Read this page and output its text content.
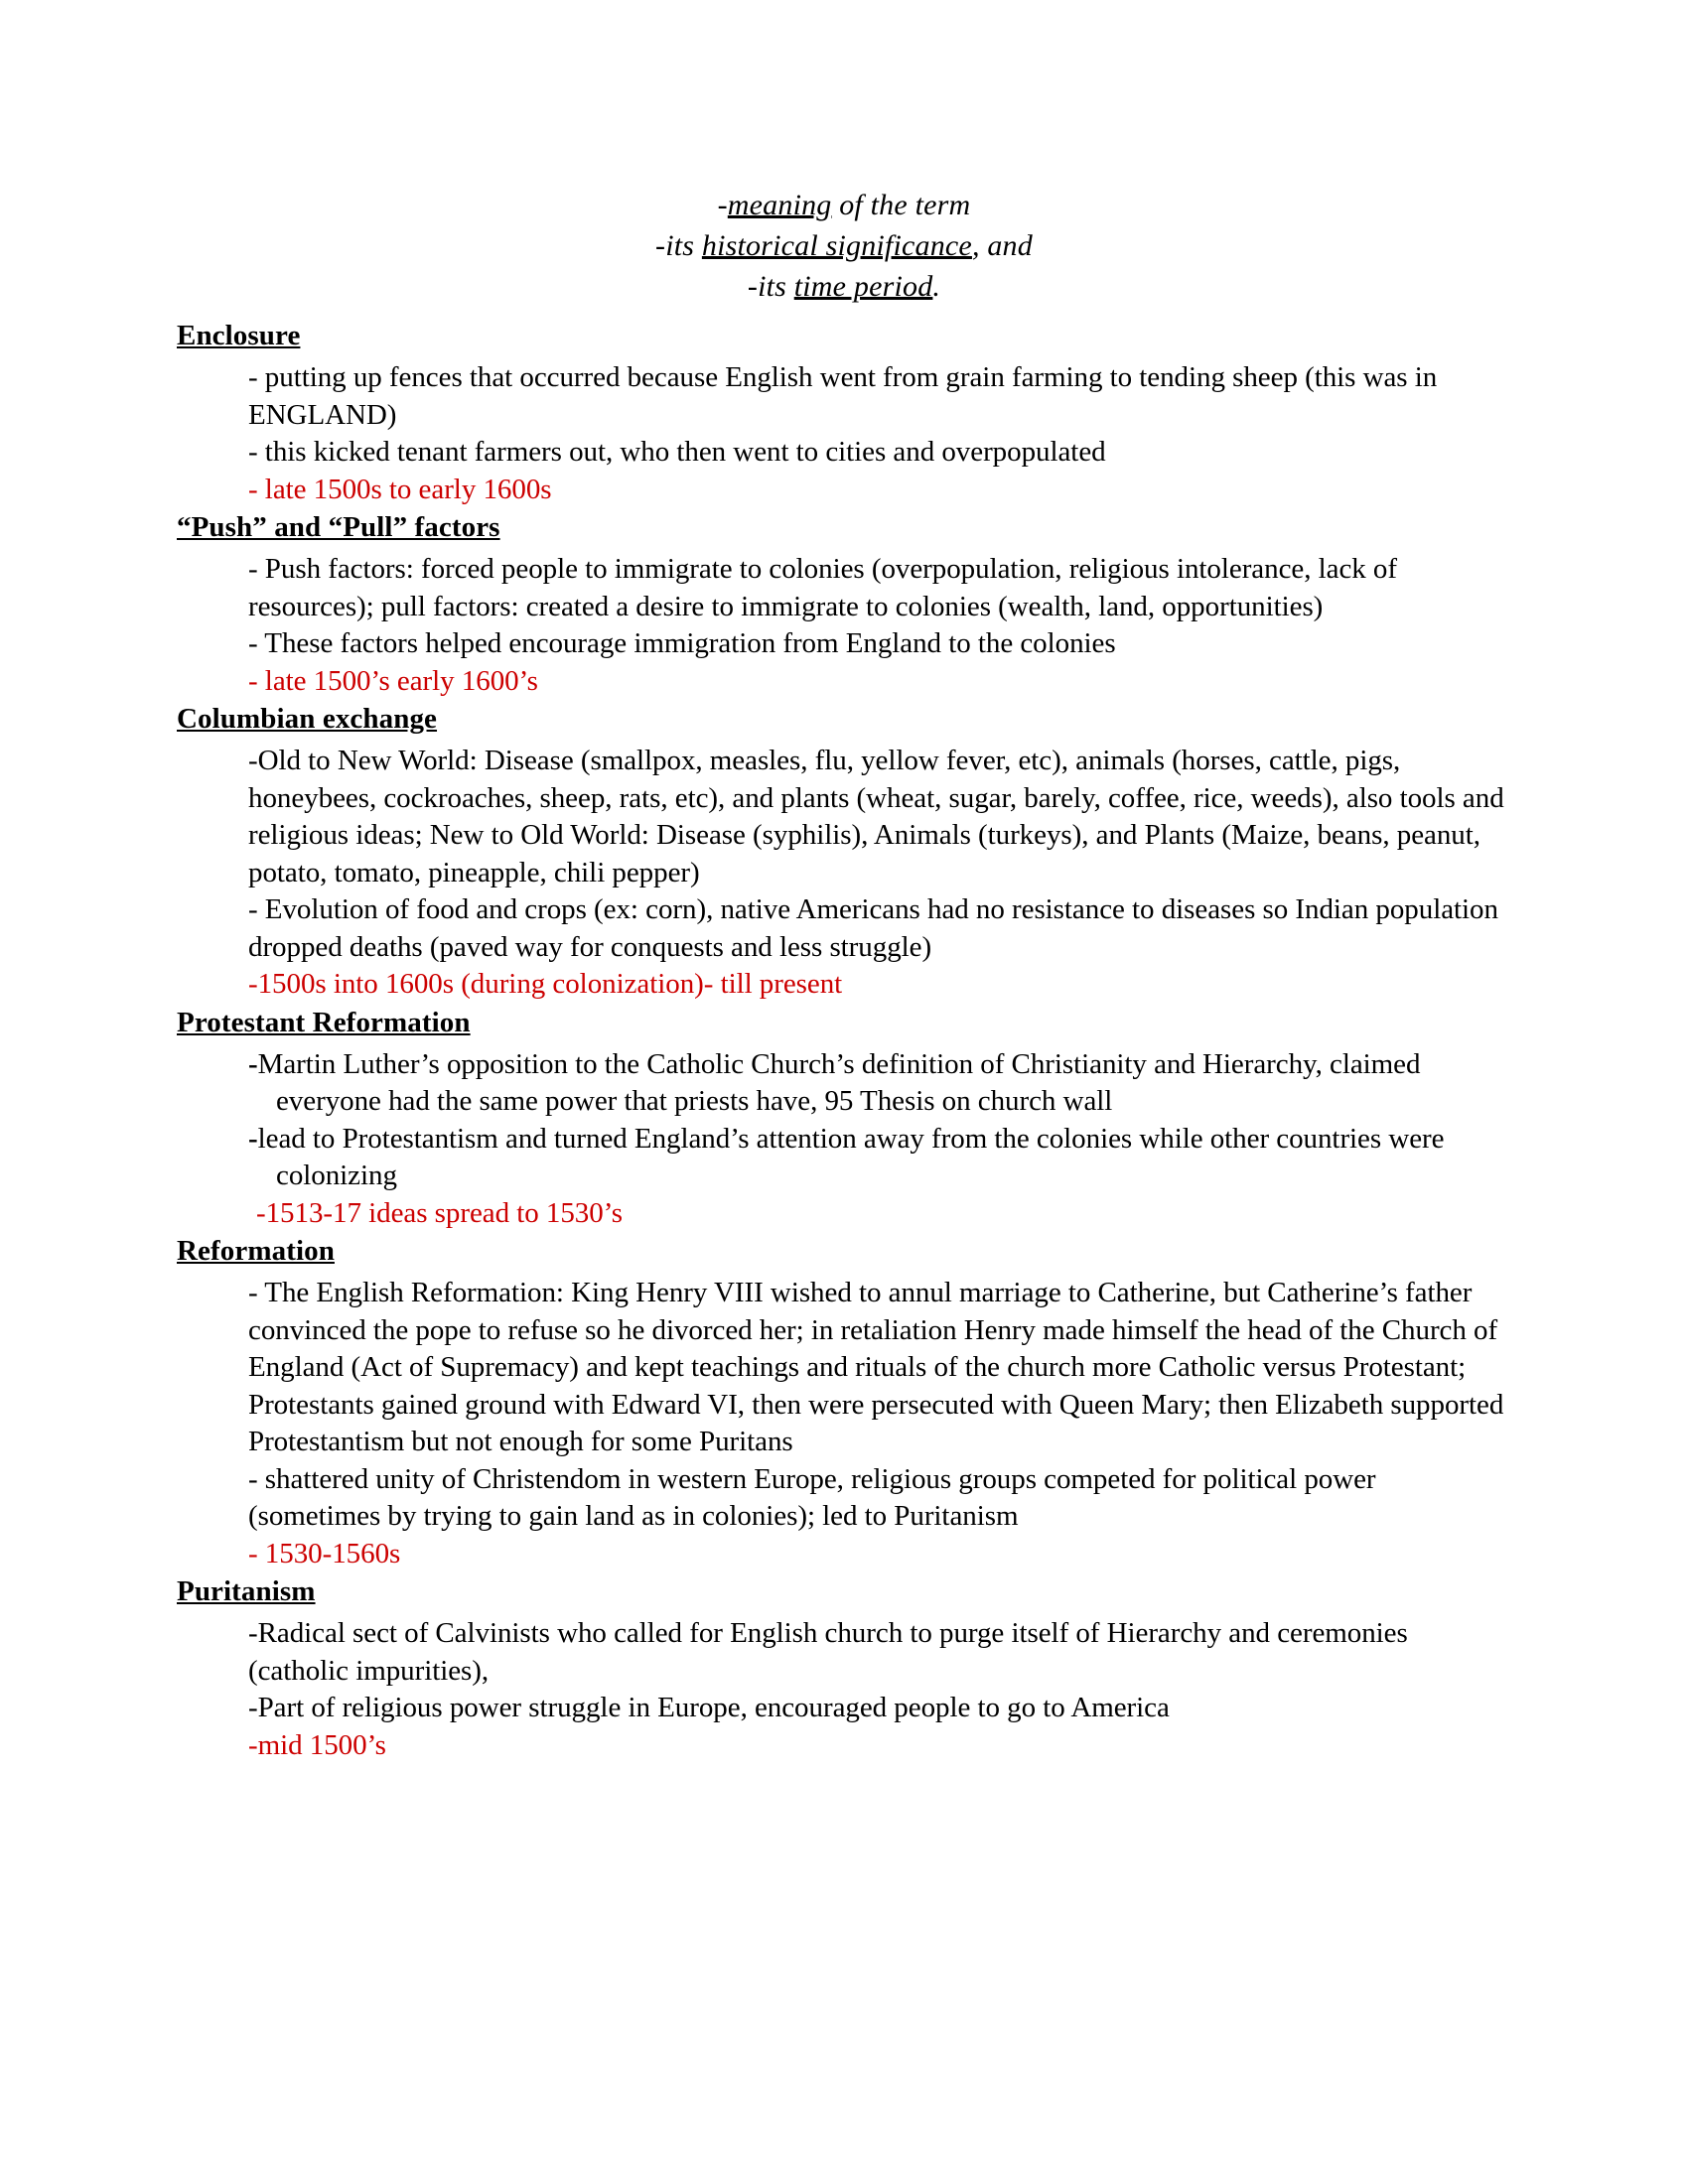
-meaning of the term
-its historical significance, and
-its time period.
Enclosure

- putting up fences that occurred because English went from grain farming to tending sheep (this was in ENGLAND)

- this kicked tenant farmers out, who then went to cities and overpopulated

- late 1500s to early 1600s

“Push” and “Pull” factors

- Push factors: forced people to immigrate to colonies (overpopulation, religious intolerance, lack of resources); pull factors: created a desire to immigrate to colonies (wealth, land, opportunities)

- These factors helped encourage immigration from England to the colonies

- late 1500’s early 1600’s

Columbian exchange

-Old to New World: Disease (smallpox, measles, flu, yellow fever, etc), animals (horses, cattle, pigs, honeybees, cockroaches, sheep, rats, etc), and plants (wheat, sugar, barely, coffee, rice, weeds), also tools and religious ideas; New to Old World: Disease (syphilis), Animals (turkeys), and Plants (Maize, beans, peanut, potato, tomato, pineapple, chili pepper)

- Evolution of food and crops (ex: corn), native Americans had no resistance to diseases so Indian population dropped deaths (paved way for conquests and less struggle)

-1500s into 1600s (during colonization)- till present

Protestant Reformation

-Martin Luther’s opposition to the Catholic Church’s definition of Christianity and Hierarchy, claimed everyone had the same power that priests have, 95 Thesis on church wall

-lead to Protestantism and turned England’s attention away from the colonies while other countries were colonizing

-1513-17 ideas spread to 1530’s

Reformation

- The English Reformation: King Henry VIII wished to annul marriage to Catherine, but Catherine’s father convinced the pope to refuse so he divorced her; in retaliation Henry made himself the head of the Church of England (Act of Supremacy) and kept teachings and rituals of the church more Catholic versus Protestant; Protestants gained ground with Edward VI, then were persecuted with Queen Mary; then Elizabeth supported Protestantism but not enough for some Puritans

- shattered unity of Christendom in western Europe, religious groups competed for political power (sometimes by trying to gain land as in colonies); led to Puritanism

- 1530-1560s

Puritanism

-Radical sect of Calvinists who called for English church to purge itself of Hierarchy and ceremonies (catholic impurities),

-Part of religious power struggle in Europe, encouraged people to go to America

-mid 1500’s
